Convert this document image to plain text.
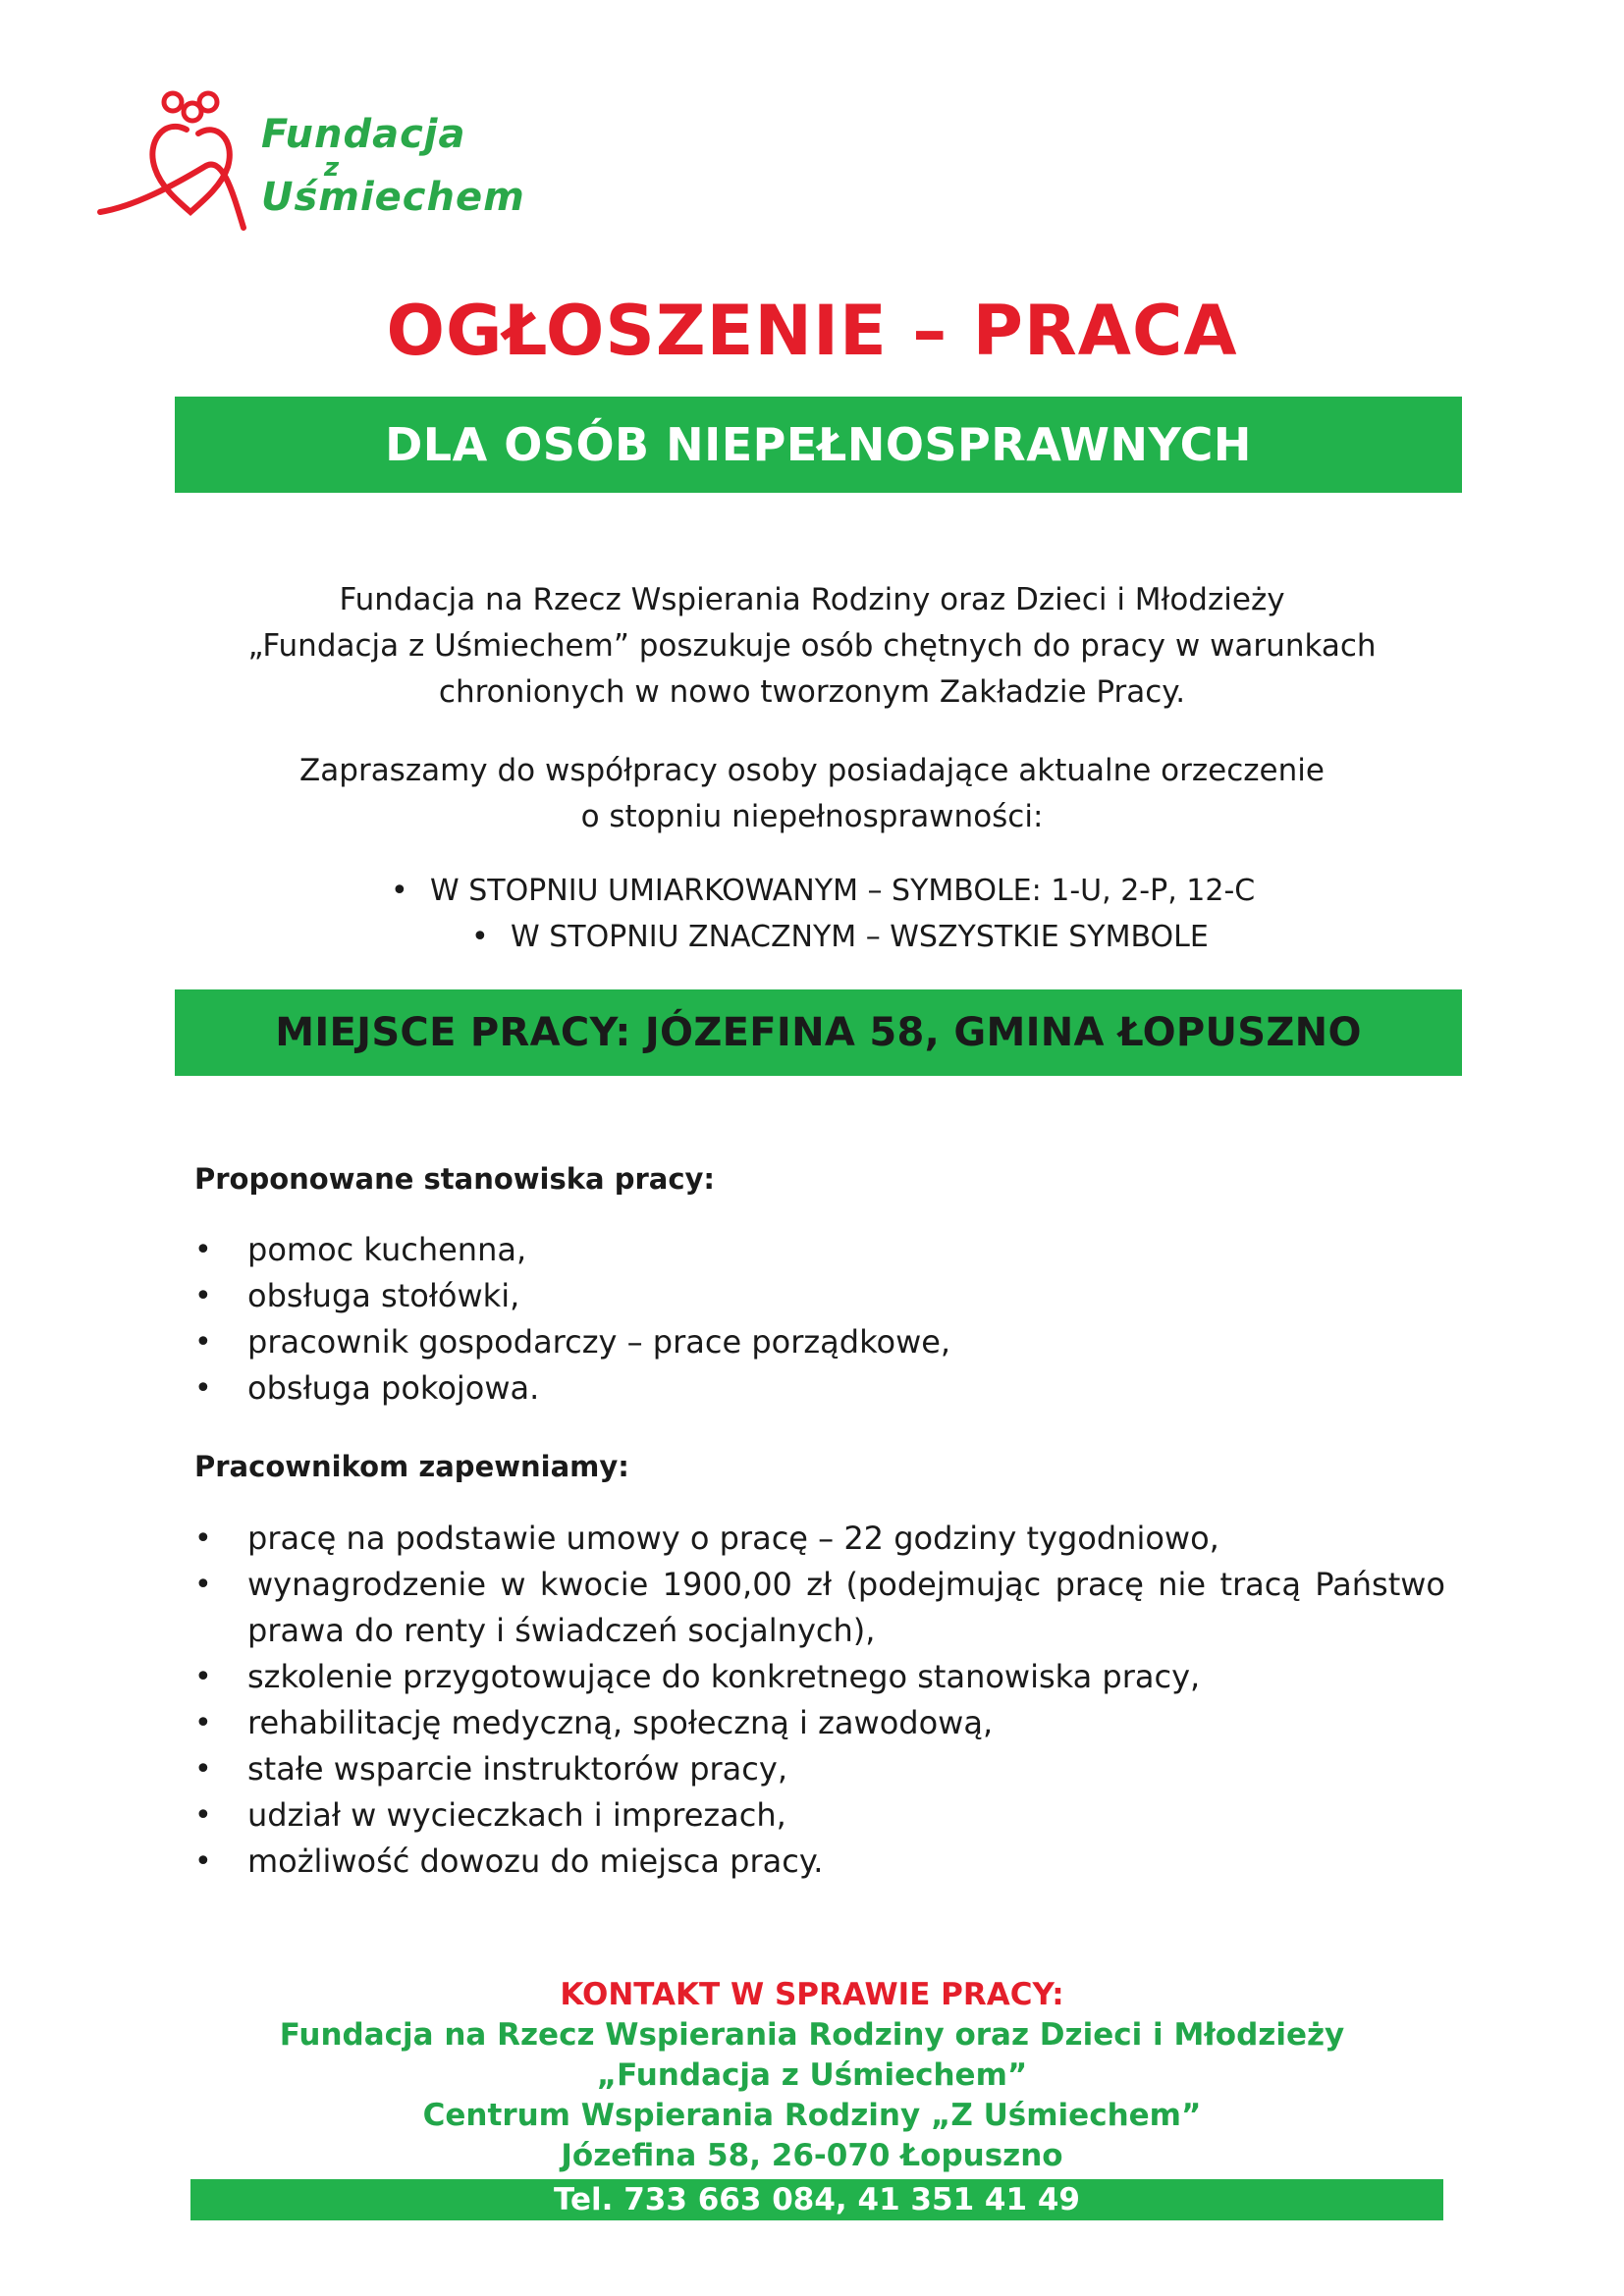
Fundacja
z
Uśmiechem
OGŁOSZENIE – PRACA
DLA OSÓB NIEPEŁNOSPRAWNYCH
Fundacja na Rzecz Wspierania Rodziny oraz Dzieci i Młodzieży
„Fundacja z Uśmiechem” poszukuje osób chętnych do pracy w warunkach
chronionych w nowo tworzonym Zakładzie Pracy.
Zapraszamy do współpracy osoby posiadające aktualne orzeczenie
o stopniu niepełnosprawności:
• W STOPNIU UMIARKOWANYM – SYMBOLE: 1-U, 2-P, 12-C
• W STOPNIU ZNACZNYM – WSZYSTKIE SYMBOLE
MIEJSCE PRACY: JÓZEFINA 58, GMINA ŁOPUSZNO
Proponowane stanowiska pracy:
• pomoc kuchenna,
• obsługa stołówki,
• pracownik gospodarczy – prace porządkowe,
• obsługa pokojowa.
Pracownikom zapewniamy:
• pracę na podstawie umowy o pracę – 22 godziny tygodniowo,
• wynagrodzenie w kwocie 1900,00 zł (podejmując pracę nie tracą Państwo prawa do renty i świadczeń socjalnych),
• szkolenie przygotowujące do konkretnego stanowiska pracy,
• rehabilitację medyczną, społeczną i zawodową,
• stałe wsparcie instruktorów pracy,
• udział w wycieczkach i imprezach,
• możliwość dowozu do miejsca pracy.
KONTAKT W SPRAWIE PRACY:
Fundacja na Rzecz Wspierania Rodziny oraz Dzieci i Młodzieży
„Fundacja z Uśmiechem”
Centrum Wspierania Rodziny „Z Uśmiechem”
Józefina 58, 26-070 Łopuszno
Tel. 733 663 084, 41 351 41 49
